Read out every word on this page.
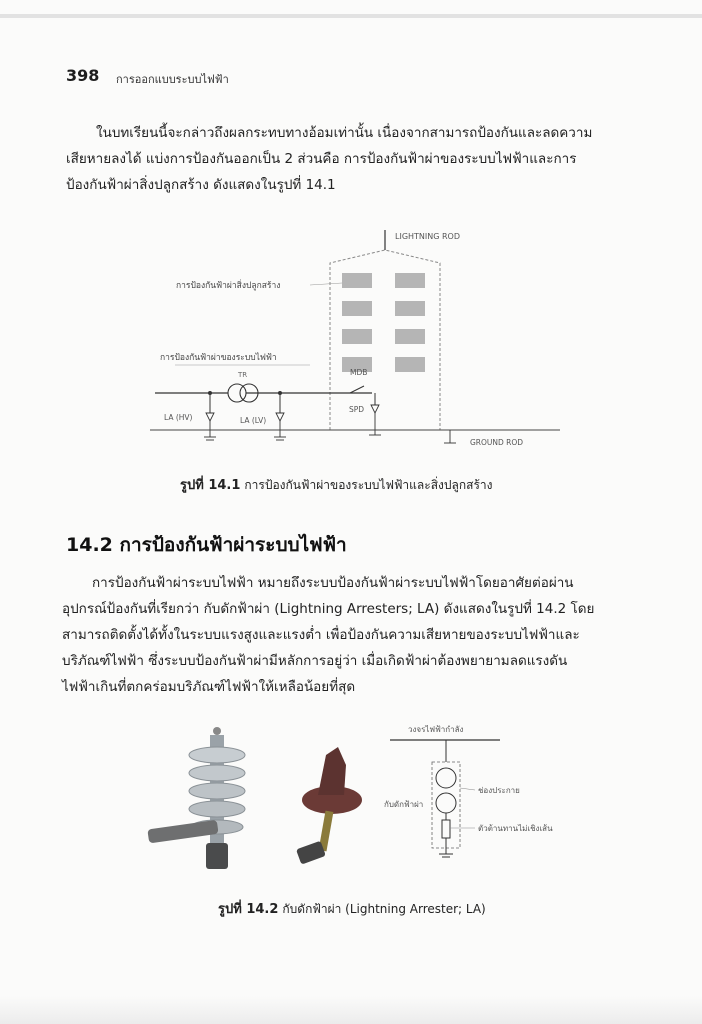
398 การออกแบบระบบไฟฟ้า

ในบทเรียนนี้จะกล่าวถึงผลกระทบทางอ้อมเท่านั้น เนื่องจากสามารถป้องกันและลดความ
เสียหายลงได้ แบ่งการป้องกันออกเป็น 2 ส่วนคือ การป้องกันฟ้าผ่าของระบบไฟฟ้าและการ
ป้องกันฟ้าผ่าสิ่งปลูกสร้าง ดังแสดงในรูปที่ 14.1

LIGHTNING ROD
การป้องกันฟ้าผ่าสิ่งปลูกสร้าง
การป้องกันฟ้าผ่าของระบบไฟฟ้า
TR	MDB
LA (HV)	LA (LV)
SPD
GROUND ROD
รูปที่ 14.1 การป้องกันฟ้าผ่าของระบบไฟฟ้าและสิ่งปลูกสร้าง
14.2 การป้องกันฟ้าผ่าระบบไฟฟ้า

การป้องกันฟ้าผ่าระบบไฟฟ้า หมายถึงระบบป้องกันฟ้าผ่าระบบไฟฟ้าโดยอาศัยต่อผ่าน
อุปกรณ์ป้องกันที่เรียกว่า กับดักฟ้าผ่า (Lightning Arresters; LA) ดังแสดงในรูปที่ 14.2 โดย
สามารถติดตั้งได้ทั้งในระบบแรงสูงและแรงต่ำ เพื่อป้องกันความเสียหายของระบบไฟฟ้าและ
บริภัณฑ์ไฟฟ้า ซึ่งระบบป้องกันฟ้าผ่ามีหลักการอยู่ว่า เมื่อเกิดฟ้าผ่าต้องพยายามลดแรงดัน
ไฟฟ้าเกินที่ตกคร่อมบริภัณฑ์ไฟฟ้าให้เหลือน้อยที่สุด

วงจรไฟฟ้ากำลัง
ช่องประกาย
กับดักฟ้าผ่า
ตัวต้านทานไม่เชิงเส้น
รูปที่ 14.2 กับดักฟ้าผ่า (Lightning Arrester; LA)
